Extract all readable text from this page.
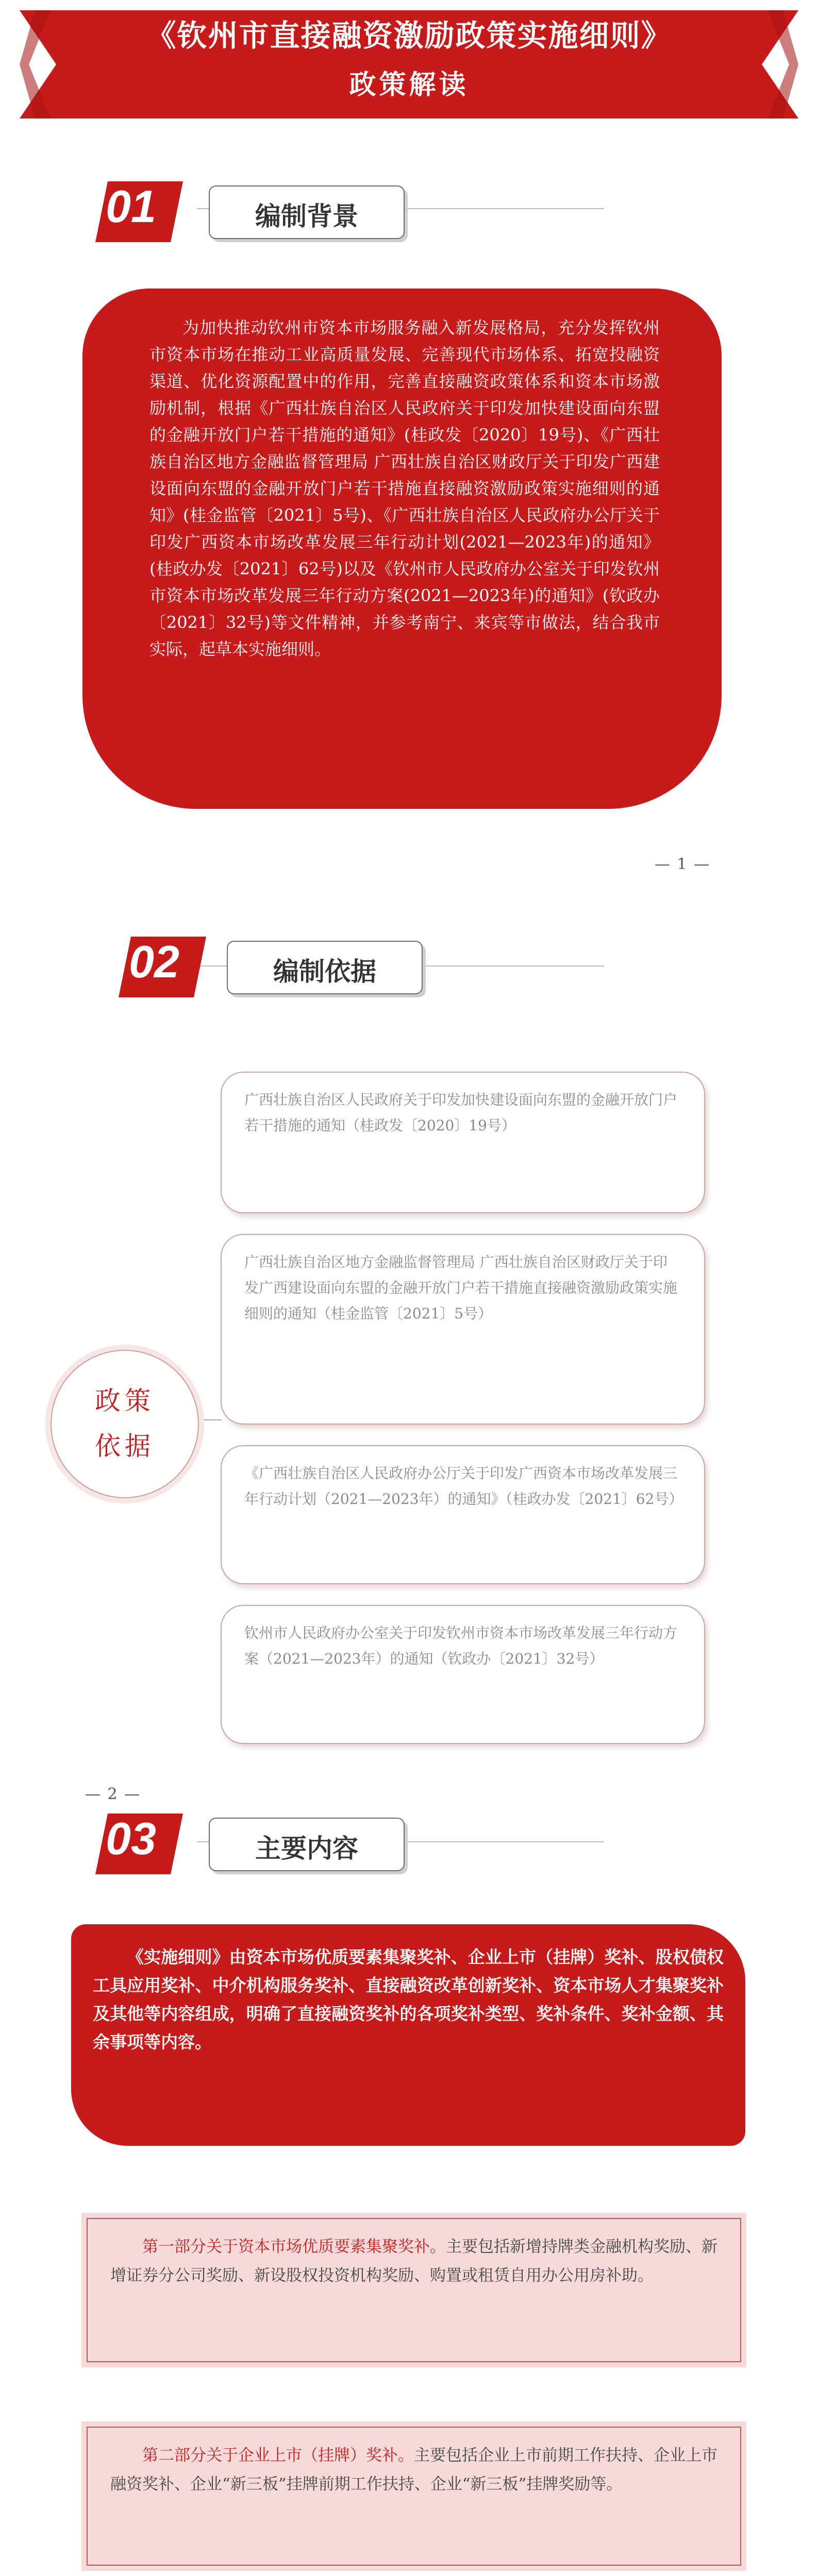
《钦州市直接融资激励政策实施细则》
政策解读
01	编制背景
为加快推动钦州市资本市场服务融入新发展格局，充分发挥钦州市资本市场在推动工业高质量发展、完善现代市场体系、拓宽投融资渠道、优化资源配置中的作用，完善直接融资政策体系和资本市场激励机制，根据《广西壮族自治区人民政府关于印发加快建设面向东盟的金融开放门户若干措施的通知》(桂政发〔2020〕19号)、《广西壮族自治区地方金融监督管理局 广西壮族自治区财政厅关于印发广西建设面向东盟的金融开放门户若干措施直接融资激励政策实施细则的通知》(桂金监管〔2021〕5号)、《广西壮族自治区人民政府办公厅关于印发广西资本市场改革发展三年行动计划(2021—2023年)的通知》(桂政办发〔2021〕62号)以及《钦州市人民政府办公室关于印发钦州市资本市场改革发展三年行动方案(2021—2023年)的通知》(钦政办〔2021〕32号)等文件精神，并参考南宁、来宾等市做法，结合我市实际，起草本实施细则。
— 1 —
02	编制依据
政策
依据
广西壮族自治区人民政府关于印发加快建设面向东盟的金融开放门户若干措施的通知（桂政发〔2020〕19号）
广西壮族自治区地方金融监督管理局 广西壮族自治区财政厅关于印发广西建设面向东盟的金融开放门户若干措施直接融资激励政策实施细则的通知（桂金监管〔2021〕5号）
《广西壮族自治区人民政府办公厅关于印发广西资本市场改革发展三年行动计划（2021—2023年）的通知》（桂政办发〔2021〕62号）
钦州市人民政府办公室关于印发钦州市资本市场改革发展三年行动方案（2021—2023年）的通知（钦政办〔2021〕32号）
— 2 —
03	主要内容
《实施细则》由资本市场优质要素集聚奖补、企业上市（挂牌）奖补、股权债权工具应用奖补、中介机构服务奖补、直接融资改革创新奖补、资本市场人才集聚奖补及其他等内容组成，明确了直接融资奖补的各项奖补类型、奖补条件、奖补金额、其余事项等内容。
第一部分关于资本市场优质要素集聚奖补。主要包括新增持牌类金融机构奖励、新增证券分公司奖励、新设股权投资机构奖励、购置或租赁自用办公用房补助。
第二部分关于企业上市（挂牌）奖补。主要包括企业上市前期工作扶持、企业上市融资奖补、企业“新三板”挂牌前期工作扶持、企业“新三板”挂牌奖励等。
